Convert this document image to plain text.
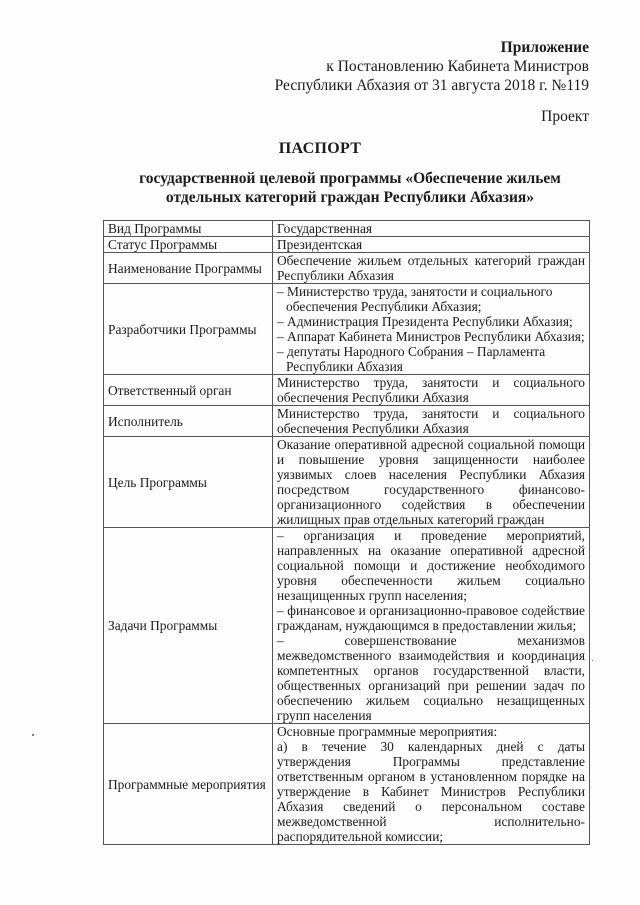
Приложение
к Постановлению Кабинета Министров
Республики Абхазия от 31 августа 2018 г. №119
Проект
ПАСПОРТ
государственной целевой программы «Обеспечение жильем
отдельных категорий граждан Республики Абхазия»
Вид Программы	Государственная
Статус Программы	Президентская
Наименование Программы	Обеспечение жильем отдельных категорий граждан Республики Абхазия
Разработчики Программы	– Министерство труда, занятости и социального обеспечения Республики Абхазия;
– Администрация Президента Республики Абхазия;
– Аппарат Кабинета Министров Республики Абхазия;
– депутаты Народного Собрания – Парламента Республики Абхазия

Ответственный орган	Министерство труда, занятости и социального обеспечения Республики Абхазия
Исполнитель	Министерство труда, занятости и социального обеспечения Республики Абхазия
Цель Программы	Оказание оперативной адресной социальной помощи и повышение уровня защищенности наиболее уязвимых слоев населения Республики Абхазия посредством государственного финансово-организационного содействия в обеспечении жилищных прав отдельных категорий граждан
Задачи Программы	– организация и проведение мероприятий, направленных на оказание оперативной адресной социальной помощи и достижение необходимого уровня обеспеченности жильем социально незащищенных групп населения;
– финансовое и организационно-правовое содействие гражданам, нуждающимся в предоставлении жилья;
– совершенствование механизмов межведомственного взаимодействия и координация компетентных органов государственной власти, общественных организаций при решении задач по обеспечению жильем социально незащищенных групп населения

Программные мероприятия	Основные программные мероприятия:
а) в течение 30 календарных дней с даты утверждения Программы представление ответственным органом в установленном порядке на утверждение в Кабинет Министров Республики Абхазия сведений о персональном составе межведомственной исполнительно-распорядительной комиссии;
